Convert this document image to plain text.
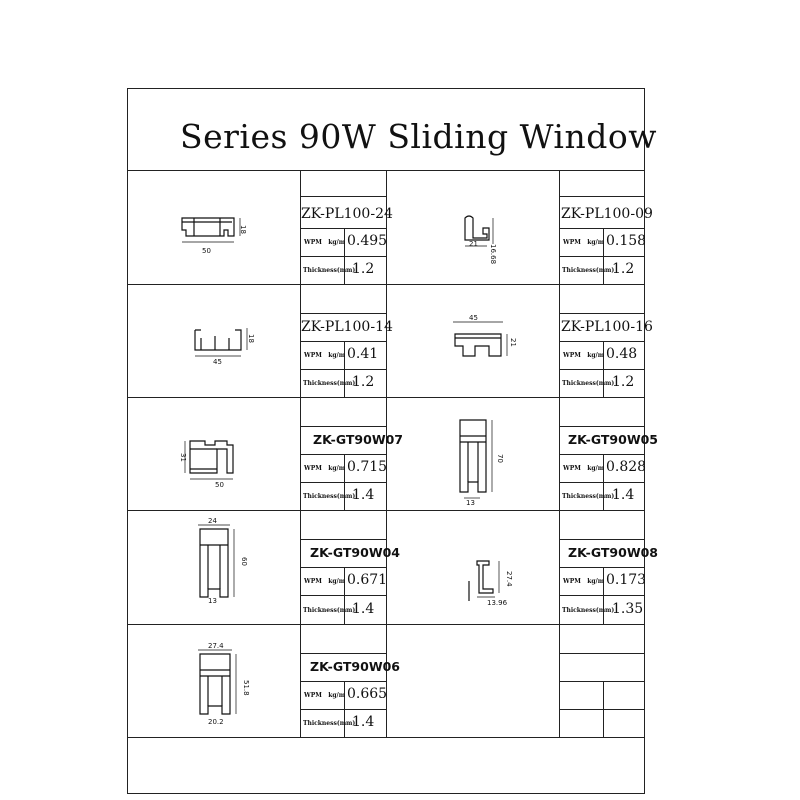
Series 90W Sliding Window
ZK-PL100-24
WPM kg/m 0.495
Thickness(mm)
1.2
ZK-PL100-09
WPM kg/m 0.158
Thickness(mm)
1.2
ZK-PL100-14
WPM kg/m 0.41
Thickness(mm)
1.2
ZK-PL100-16
WPM kg/m 0.48
Thickness(mm)
1.2
ZK-GT90W07
WPM kg/m 0.715
Thickness(mm)
1.4
ZK-GT90W05
WPM kg/m 0.828
Thickness(mm)
1.4
ZK-GT90W04
WPM kg/m 0.671
Thickness(mm)
1.4
ZK-GT90W08
WPM kg/m 0.173
Thickness(mm)
1.35
ZK-GT90W06
WPM kg/m 0.665
Thickness(mm)
1.4
50
18
21 16.68
45
18
45
21
31
50
70
13
24
60
13
27.4
13.96
27.4
51.8
20.2
